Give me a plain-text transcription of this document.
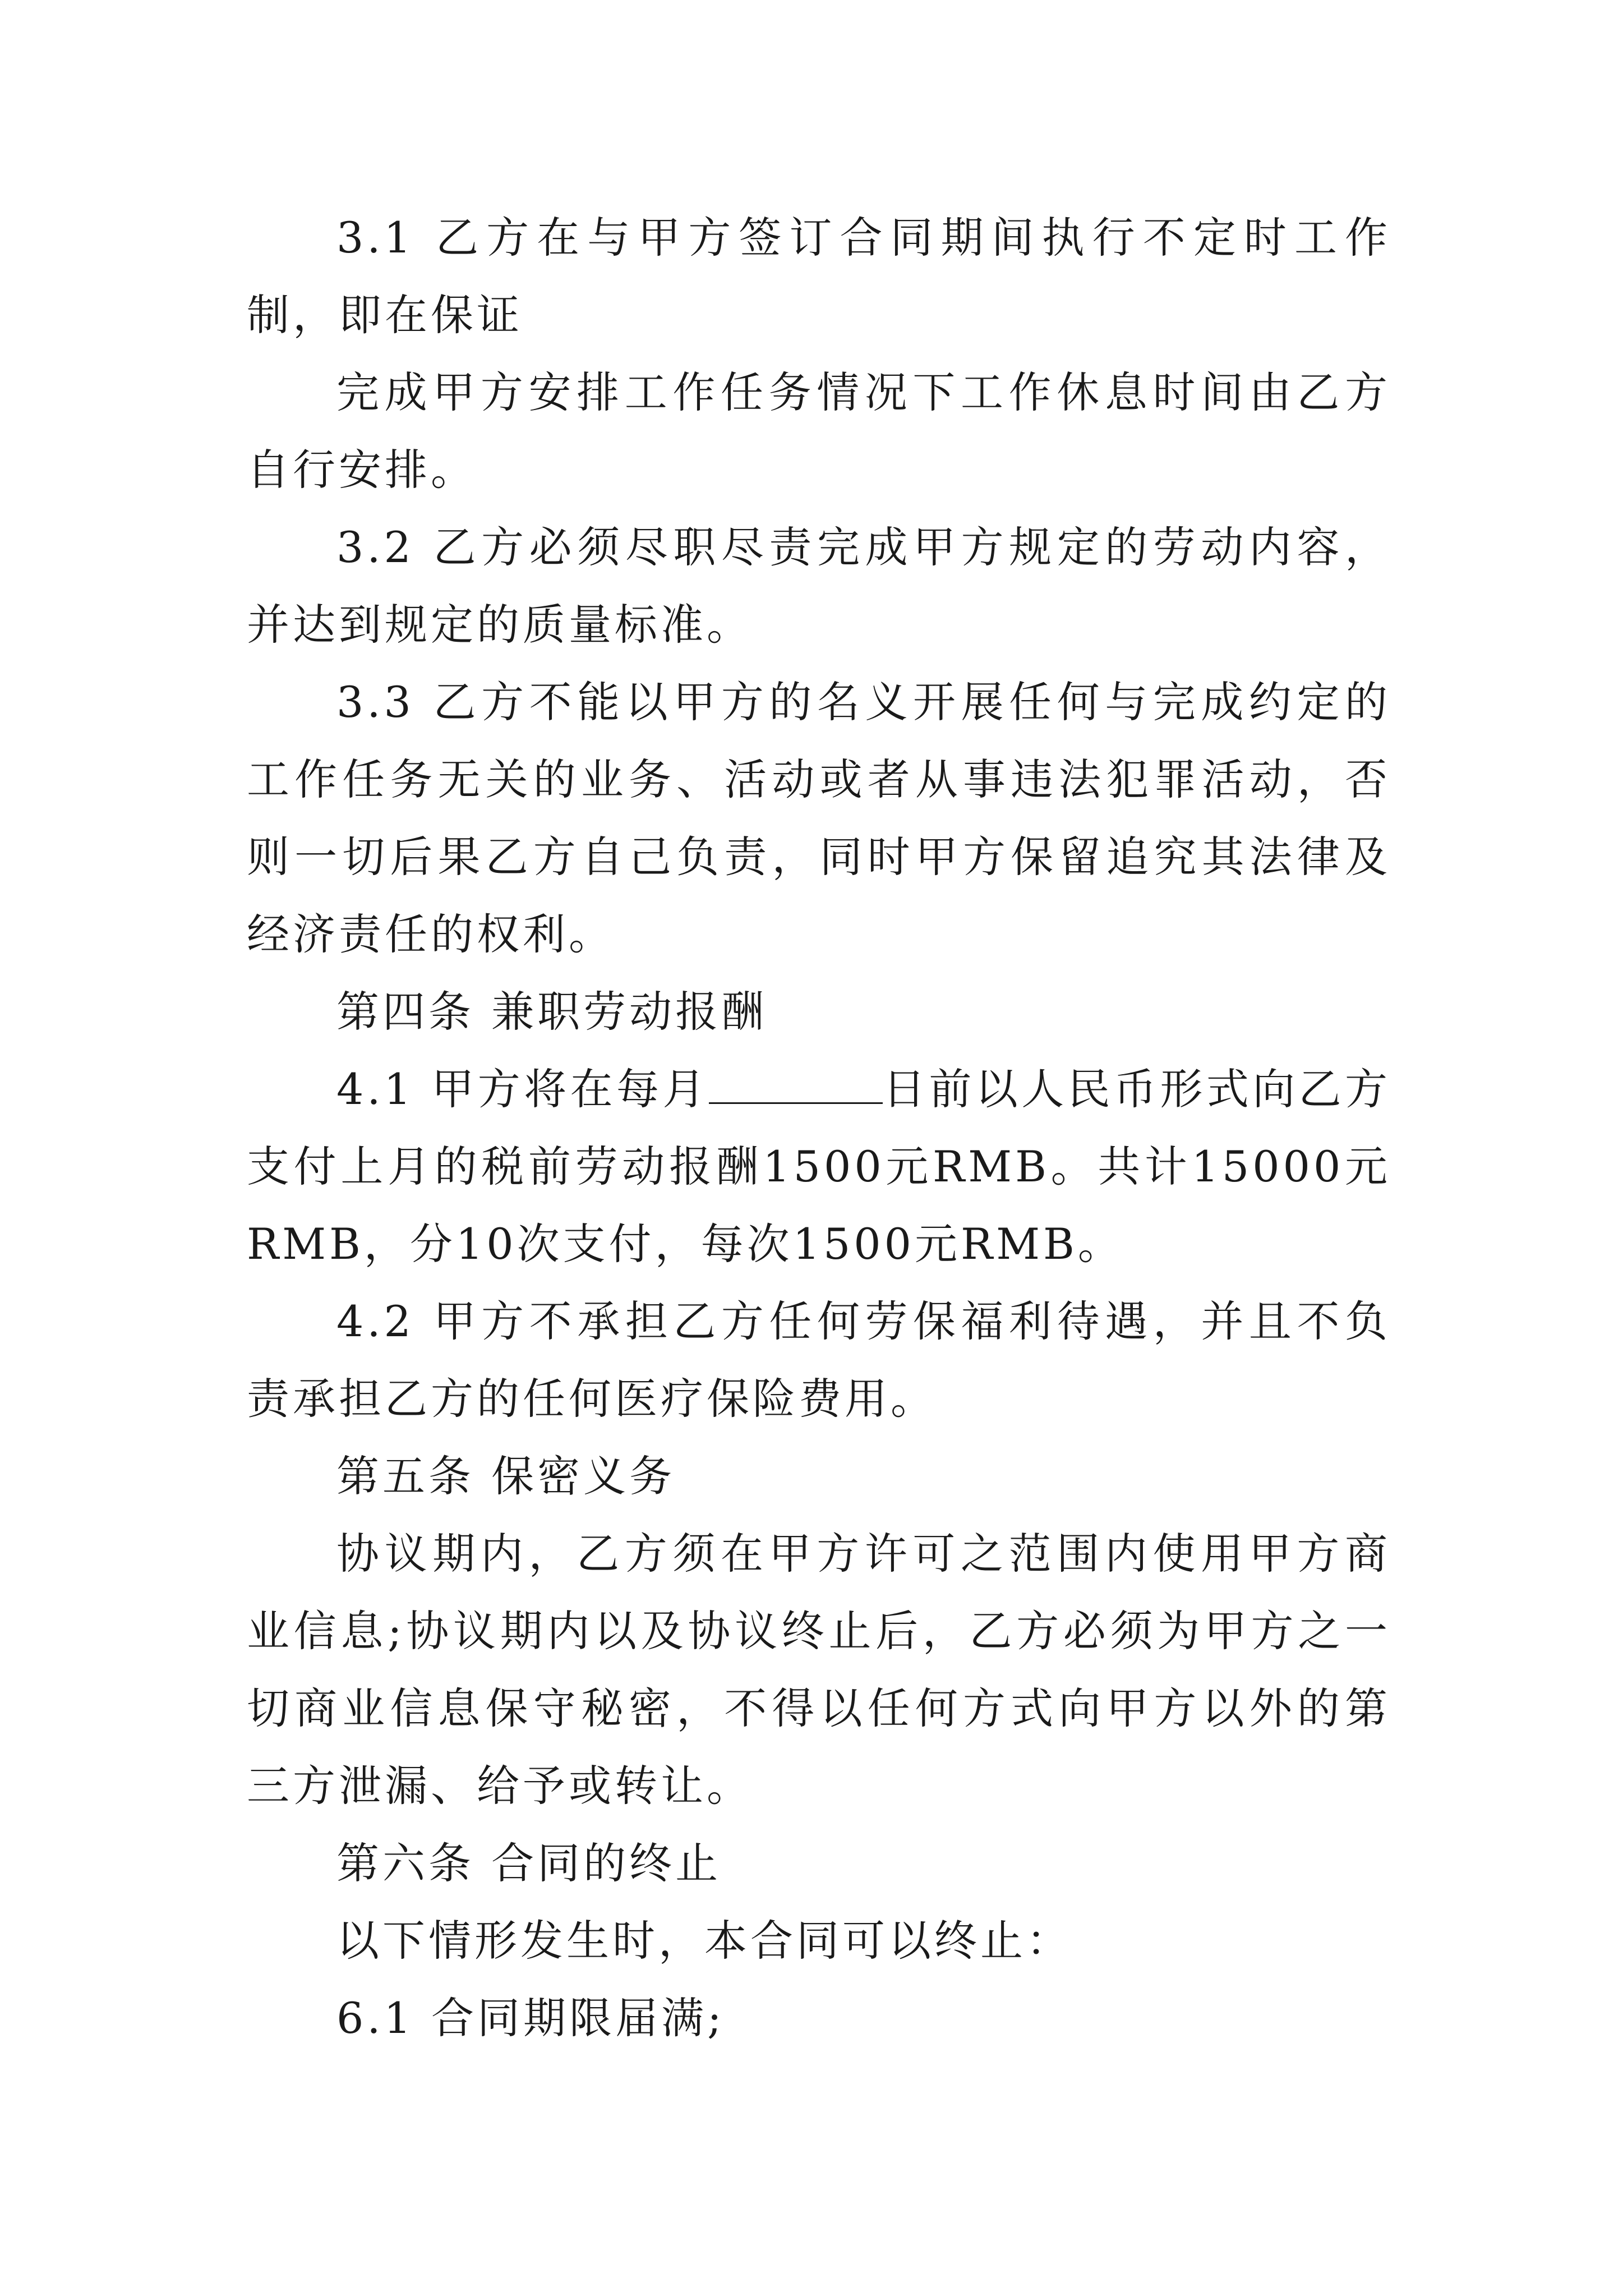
3.1 乙方在与甲方签订合同期间执行不定时工作制，即在保证

完成甲方安排工作任务情况下工作休息时间由乙方自行安排。

3.2 乙方必须尽职尽责完成甲方规定的劳动内容，并达到规定的质量标准。

3.3 乙方不能以甲方的名义开展任何与完成约定的工作任务无关的业务、活动或者从事违法犯罪活动，否则一切后果乙方自己负责，同时甲方保留追究其法律及经济责任的权利。

第四条 兼职劳动报酬

4.1 甲方将在每月	日前以人民币形式向乙方支付上月的税前劳动报酬1500元RMB。共计15000元RMB，分10次支付，每次1500元RMB。

4.2 甲方不承担乙方任何劳保福利待遇，并且不负责承担乙方的任何医疗保险费用。

第五条 保密义务

协议期内，乙方须在甲方许可之范围内使用甲方商业信息;协议期内以及协议终止后，乙方必须为甲方之一切商业信息保守秘密，不得以任何方式向甲方以外的第三方泄漏、给予或转让。

第六条 合同的终止

以下情形发生时，本合同可以终止：

6.1 合同期限届满;
